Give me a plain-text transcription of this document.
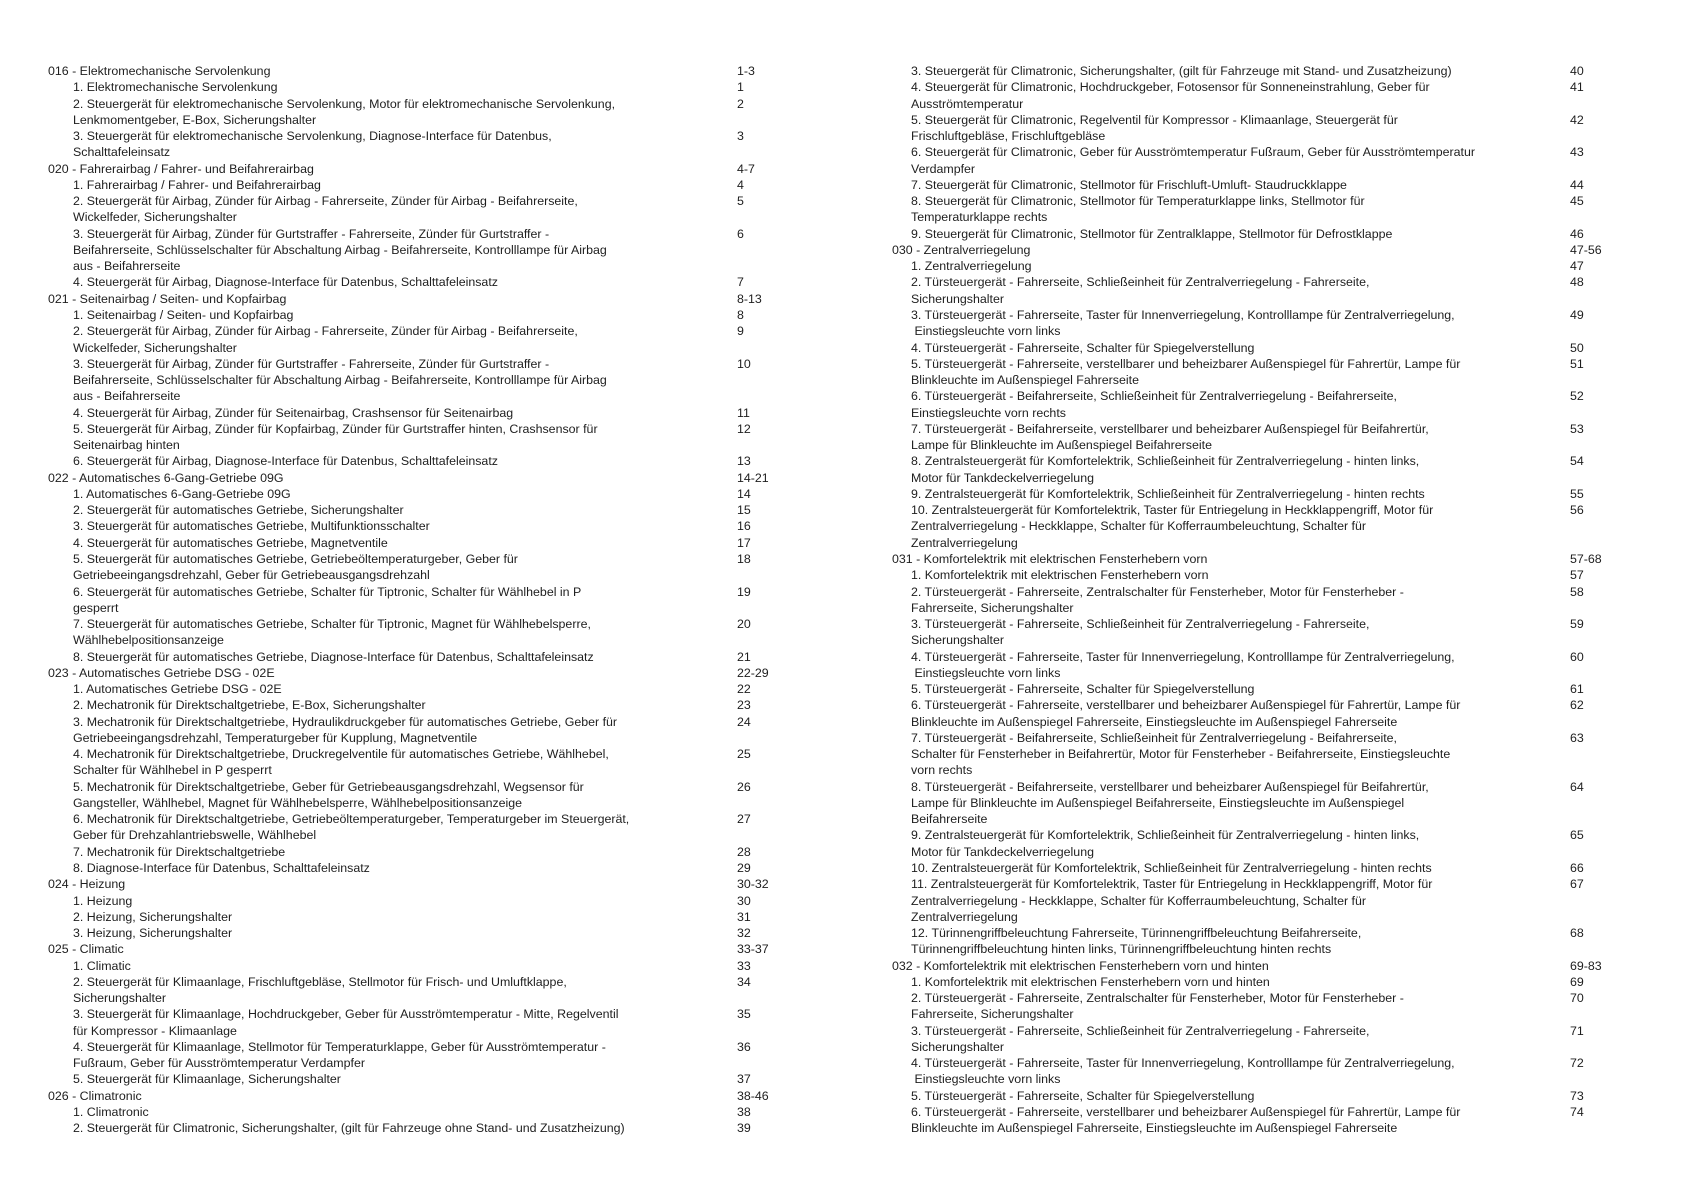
016 - Elektromechanische Servolenkung	1-3
1. Elektromechanische Servolenkung	1
2. Steuergerät für elektromechanische Servolenkung, Motor für elektromechanische Servolenkung,	2
Lenkmomentgeber, E-Box, Sicherungshalter
3. Steuergerät für elektromechanische Servolenkung, Diagnose-Interface für Datenbus,	3
Schalttafeleinsatz
020 - Fahrerairbag / Fahrer- und Beifahrerairbag	4-7
1. Fahrerairbag / Fahrer- und Beifahrerairbag	4
2. Steuergerät für Airbag, Zünder für Airbag - Fahrerseite, Zünder für Airbag - Beifahrerseite,	5
Wickelfeder, Sicherungshalter
3. Steuergerät für Airbag, Zünder für Gurtstraffer - Fahrerseite, Zünder für Gurtstraffer -	6
Beifahrerseite, Schlüsselschalter für Abschaltung Airbag - Beifahrerseite, Kontrolllampe für Airbag
aus - Beifahrerseite
4. Steuergerät für Airbag, Diagnose-Interface für Datenbus, Schalttafeleinsatz	7
021 - Seitenairbag / Seiten- und Kopfairbag	8-13
1. Seitenairbag / Seiten- und Kopfairbag	8
2. Steuergerät für Airbag, Zünder für Airbag - Fahrerseite, Zünder für Airbag - Beifahrerseite,	9
Wickelfeder, Sicherungshalter
3. Steuergerät für Airbag, Zünder für Gurtstraffer - Fahrerseite, Zünder für Gurtstraffer -	10
Beifahrerseite, Schlüsselschalter für Abschaltung Airbag - Beifahrerseite, Kontrolllampe für Airbag
aus - Beifahrerseite
4. Steuergerät für Airbag, Zünder für Seitenairbag, Crashsensor für Seitenairbag	11
5. Steuergerät für Airbag, Zünder für Kopfairbag, Zünder für Gurtstraffer hinten, Crashsensor für	12
Seitenairbag hinten
6. Steuergerät für Airbag, Diagnose-Interface für Datenbus, Schalttafeleinsatz	13
022 - Automatisches 6-Gang-Getriebe 09G	14-21
1. Automatisches 6-Gang-Getriebe 09G	14
2. Steuergerät für automatisches Getriebe, Sicherungshalter	15
3. Steuergerät für automatisches Getriebe, Multifunktionsschalter	16
4. Steuergerät für automatisches Getriebe, Magnetventile	17
5. Steuergerät für automatisches Getriebe, Getriebeöltemperaturgeber, Geber für	18
Getriebeeingangsdrehzahl, Geber für Getriebeausgangsdrehzahl
6. Steuergerät für automatisches Getriebe, Schalter für Tiptronic, Schalter für Wählhebel in P	19
gesperrt
7. Steuergerät für automatisches Getriebe, Schalter für Tiptronic, Magnet für Wählhebelsperre,	20
Wählhebelpositionsanzeige
8. Steuergerät für automatisches Getriebe, Diagnose-Interface für Datenbus, Schalttafeleinsatz	21
023 - Automatisches Getriebe DSG - 02E	22-29
1. Automatisches Getriebe DSG - 02E	22
2. Mechatronik für Direktschaltgetriebe, E-Box, Sicherungshalter	23
3. Mechatronik für Direktschaltgetriebe, Hydraulikdruckgeber für automatisches Getriebe, Geber für	24
Getriebeeingangsdrehzahl, Temperaturgeber für Kupplung, Magnetventile
4. Mechatronik für Direktschaltgetriebe, Druckregelventile für automatisches Getriebe, Wählhebel,	25
Schalter für Wählhebel in P gesperrt
5. Mechatronik für Direktschaltgetriebe, Geber für Getriebeausgangsdrehzahl, Wegsensor für	26
Gangsteller, Wählhebel, Magnet für Wählhebelsperre, Wählhebelpositionsanzeige
6. Mechatronik für Direktschaltgetriebe, Getriebeöltemperaturgeber, Temperaturgeber im Steuergerät,	27
Geber für Drehzahlantriebswelle, Wählhebel
7. Mechatronik für Direktschaltgetriebe	28
8. Diagnose-Interface für Datenbus, Schalttafeleinsatz	29
024 - Heizung	30-32
1. Heizung	30
2. Heizung, Sicherungshalter	31
3. Heizung, Sicherungshalter	32
025 - Climatic	33-37
1. Climatic	33
2. Steuergerät für Klimaanlage, Frischluftgebläse, Stellmotor für Frisch- und Umluftklappe,	34
Sicherungshalter
3. Steuergerät für Klimaanlage, Hochdruckgeber, Geber für Ausströmtemperatur - Mitte, Regelventil	35
für Kompressor - Klimaanlage
4. Steuergerät für Klimaanlage, Stellmotor für Temperaturklappe, Geber für Ausströmtemperatur -	36
Fußraum, Geber für Ausströmtemperatur Verdampfer
5. Steuergerät für Klimaanlage, Sicherungshalter	37
026 - Climatronic	38-46
1. Climatronic	38
2. Steuergerät für Climatronic, Sicherungshalter, (gilt für Fahrzeuge ohne Stand- und Zusatzheizung)	39
3. Steuergerät für Climatronic, Sicherungshalter, (gilt für Fahrzeuge mit Stand- und Zusatzheizung)	40
4. Steuergerät für Climatronic, Hochdruckgeber, Fotosensor für Sonneneinstrahlung, Geber für	41
Ausströmtemperatur
5. Steuergerät für Climatronic, Regelventil für Kompressor - Klimaanlage, Steuergerät für	42
Frischluftgebläse, Frischluftgebläse
6. Steuergerät für Climatronic, Geber für Ausströmtemperatur Fußraum, Geber für Ausströmtemperatur	43
Verdampfer
7. Steuergerät für Climatronic, Stellmotor für Frischluft-Umluft- Staudruckklappe	44
8. Steuergerät für Climatronic, Stellmotor für Temperaturklappe links, Stellmotor für	45
Temperaturklappe rechts
9. Steuergerät für Climatronic, Stellmotor für Zentralklappe, Stellmotor für Defrostklappe	46
030 - Zentralverriegelung	47-56
1. Zentralverriegelung	47
2. Türsteuergerät - Fahrerseite, Schließeinheit für Zentralverriegelung - Fahrerseite,	48
Sicherungshalter
3. Türsteuergerät - Fahrerseite, Taster für Innenverriegelung, Kontrolllampe für Zentralverriegelung,	49
Einstiegsleuchte vorn links
4. Türsteuergerät - Fahrerseite, Schalter für Spiegelverstellung	50
5. Türsteuergerät - Fahrerseite, verstellbarer und beheizbarer Außenspiegel für Fahrertür, Lampe für	51
Blinkleuchte im Außenspiegel Fahrerseite
6. Türsteuergerät - Beifahrerseite, Schließeinheit für Zentralverriegelung - Beifahrerseite,	52
Einstiegsleuchte vorn rechts
7. Türsteuergerät - Beifahrerseite, verstellbarer und beheizbarer Außenspiegel für Beifahrertür,	53
Lampe für Blinkleuchte im Außenspiegel Beifahrerseite
8. Zentralsteuergerät für Komfortelektrik, Schließeinheit für Zentralverriegelung - hinten links,	54
Motor für Tankdeckelverriegelung
9. Zentralsteuergerät für Komfortelektrik, Schließeinheit für Zentralverriegelung - hinten rechts	55
10. Zentralsteuergerät für Komfortelektrik, Taster für Entriegelung in Heckklappengriff, Motor für	56
Zentralverriegelung - Heckklappe, Schalter für Kofferraumbeleuchtung, Schalter für
Zentralverriegelung
031 - Komfortelektrik mit elektrischen Fensterhebern vorn	57-68
1. Komfortelektrik mit elektrischen Fensterhebern vorn	57
2. Türsteuergerät - Fahrerseite, Zentralschalter für Fensterheber, Motor für Fensterheber -	58
Fahrerseite, Sicherungshalter
3. Türsteuergerät - Fahrerseite, Schließeinheit für Zentralverriegelung - Fahrerseite,	59
Sicherungshalter
4. Türsteuergerät - Fahrerseite, Taster für Innenverriegelung, Kontrolllampe für Zentralverriegelung,	60
Einstiegsleuchte vorn links
5. Türsteuergerät - Fahrerseite, Schalter für Spiegelverstellung	61
6. Türsteuergerät - Fahrerseite, verstellbarer und beheizbarer Außenspiegel für Fahrertür, Lampe für	62
Blinkleuchte im Außenspiegel Fahrerseite, Einstiegsleuchte im Außenspiegel Fahrerseite
7. Türsteuergerät - Beifahrerseite, Schließeinheit für Zentralverriegelung - Beifahrerseite,	63
Schalter für Fensterheber in Beifahrertür, Motor für Fensterheber - Beifahrerseite, Einstiegsleuchte
vorn rechts
8. Türsteuergerät - Beifahrerseite, verstellbarer und beheizbarer Außenspiegel für Beifahrertür,	64
Lampe für Blinkleuchte im Außenspiegel Beifahrerseite, Einstiegsleuchte im Außenspiegel
Beifahrerseite
9. Zentralsteuergerät für Komfortelektrik, Schließeinheit für Zentralverriegelung - hinten links,	65
Motor für Tankdeckelverriegelung
10. Zentralsteuergerät für Komfortelektrik, Schließeinheit für Zentralverriegelung - hinten rechts	66
11. Zentralsteuergerät für Komfortelektrik, Taster für Entriegelung in Heckklappengriff, Motor für	67
Zentralverriegelung - Heckklappe, Schalter für Kofferraumbeleuchtung, Schalter für
Zentralverriegelung
12. Türinnengriffbeleuchtung Fahrerseite, Türinnengriffbeleuchtung Beifahrerseite,	68
Türinnengriffbeleuchtung hinten links, Türinnengriffbeleuchtung hinten rechts
032 - Komfortelektrik mit elektrischen Fensterhebern vorn und hinten	69-83
1. Komfortelektrik mit elektrischen Fensterhebern vorn und hinten	69
2. Türsteuergerät - Fahrerseite, Zentralschalter für Fensterheber, Motor für Fensterheber -	70
Fahrerseite, Sicherungshalter
3. Türsteuergerät - Fahrerseite, Schließeinheit für Zentralverriegelung - Fahrerseite,	71
Sicherungshalter
4. Türsteuergerät - Fahrerseite, Taster für Innenverriegelung, Kontrolllampe für Zentralverriegelung,	72
Einstiegsleuchte vorn links
5. Türsteuergerät - Fahrerseite, Schalter für Spiegelverstellung	73
6. Türsteuergerät - Fahrerseite, verstellbarer und beheizbarer Außenspiegel für Fahrertür, Lampe für	74
Blinkleuchte im Außenspiegel Fahrerseite, Einstiegsleuchte im Außenspiegel Fahrerseite
